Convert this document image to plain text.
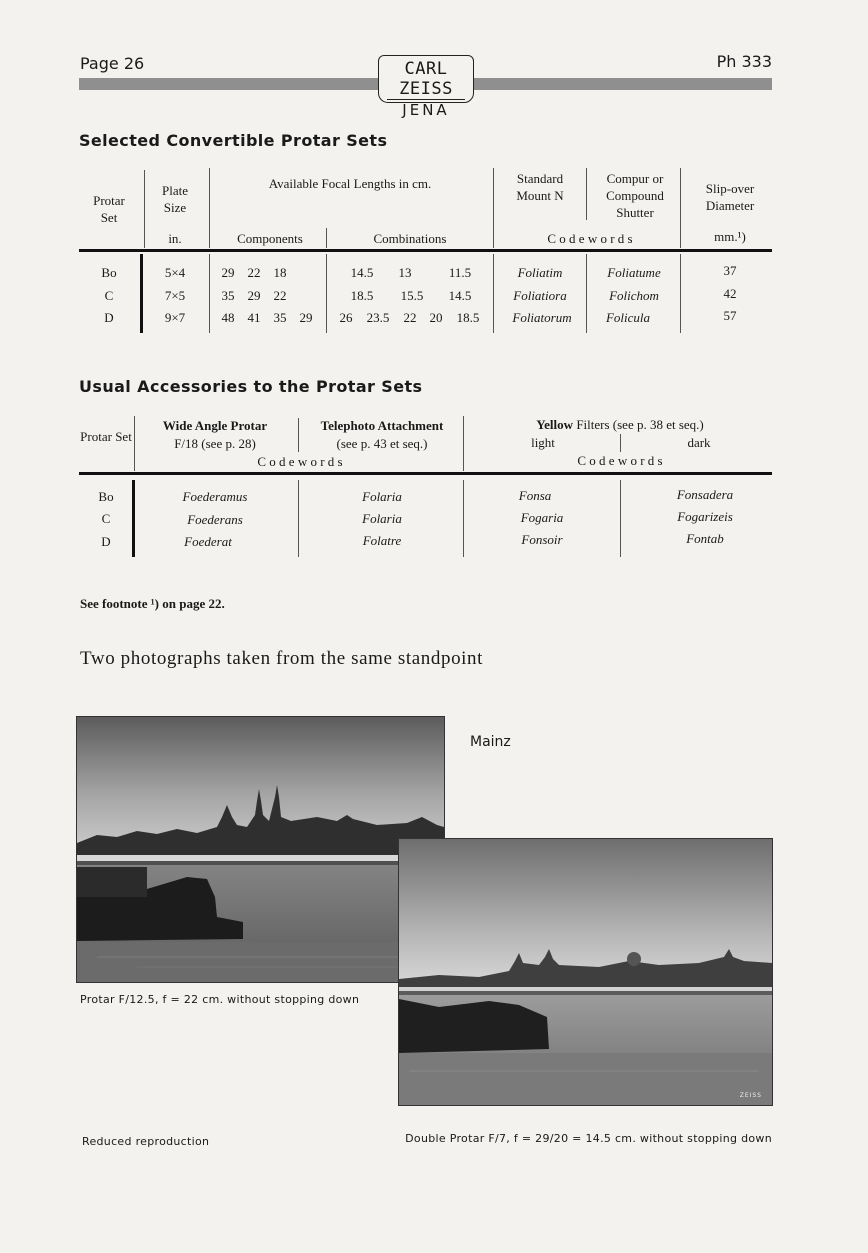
Page 26	Ph 333
CARL ZEISS
JENA
Selected Convertible Protar Sets
Protar Set
Plate Size
Available Focal Lengths in cm.	Standard Mount N
Compur or Compound Shutter
Slip-over Diameter
in.	Components	Combinations	C o d e w o r d s	mm.¹)
Bo	5×4	29	22	18	14.5	13	11.5	Foliatim	Foliatume	37
C	7×5	35	29	22	18.5	15.5	14.5	Foliatiora	Folichom	42
D	9×7	48	41	35	29	26	23.5	22	20	18.5	Foliatorum	Folicula	57
Usual Accessories to the Protar Sets
Protar Set
Wide Angle Protar
F/18 (see p. 28)
Telephoto Attachment
(see p. 43 et seq.)
C o d e w o r d s
Yellow Filters (see p. 38 et seq.)
light	dark
C o d e w o r d s
Bo	Foederamus	Folaria	Fonsa	Fonsadera
C	Foederans	Folaria	Fogaria	Fogarizeis
D	Foederat	Folatre	Fonsoir	Fontab
See footnote ¹) on page 22.
Two photographs taken from the same standpoint
Mainz
ZEISS
Protar F/12.5, f = 22 cm. without stopping down
Reduced reproduction	Double Protar F/7, f = 29/20 = 14.5 cm. without stopping down
